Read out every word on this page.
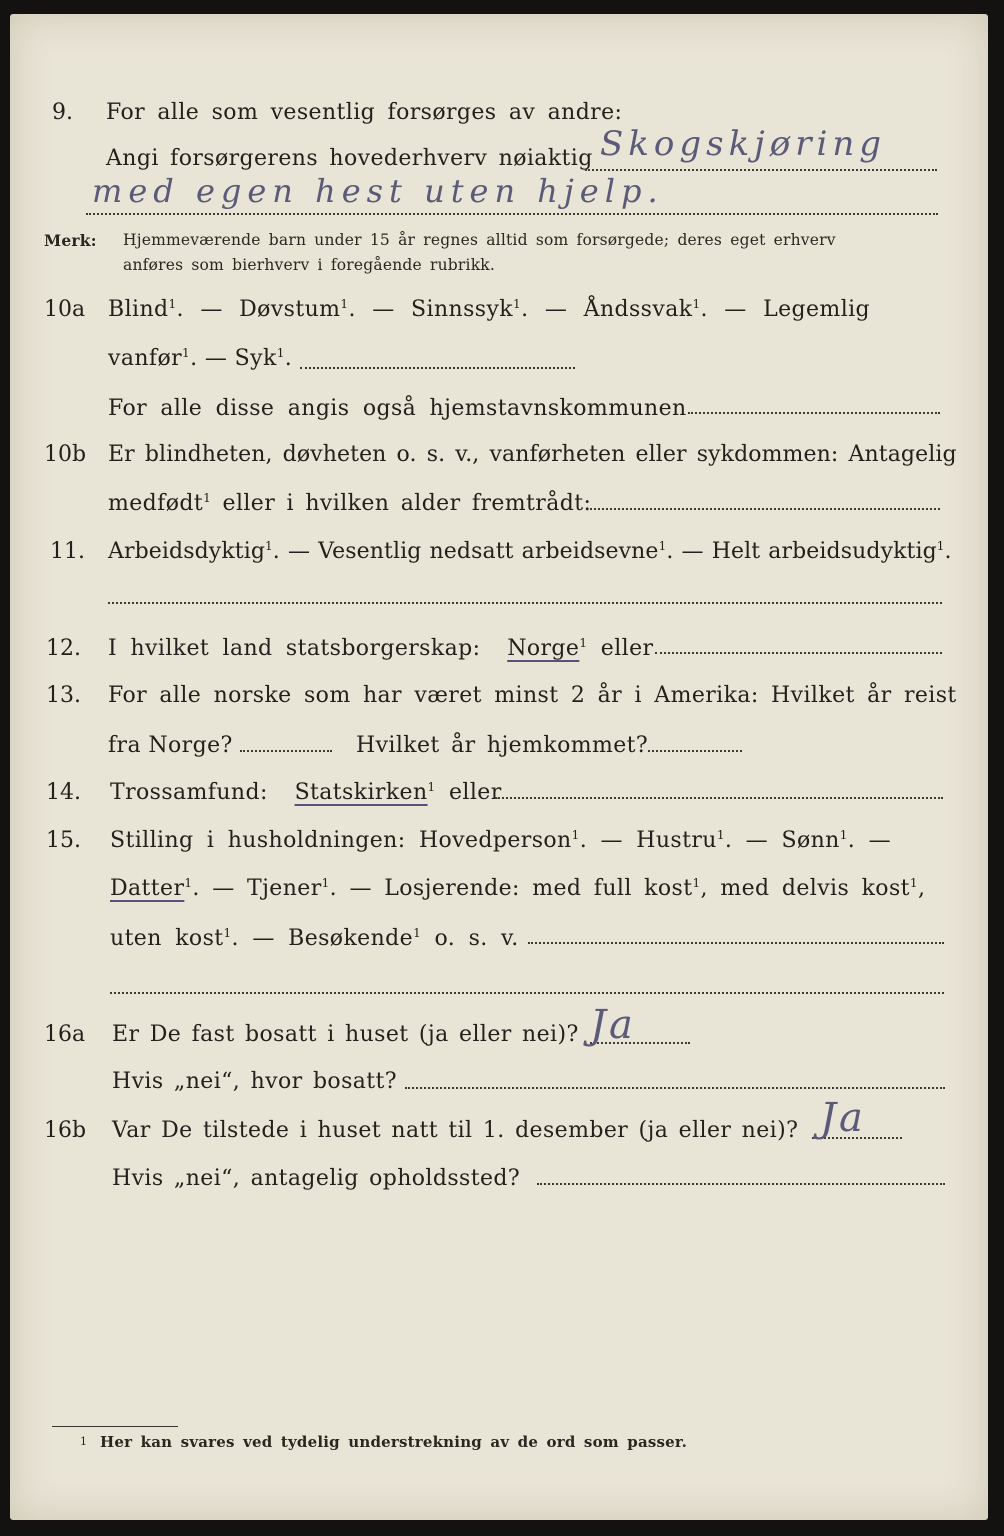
9. For alle som vesentlig forsørges av andre:
Angi forsørgerens hovederhverv nøiaktig Skogskjøring
med egen hest uten hjelp.
Merk: Hjemmeværende barn under 15 år regnes alltid som forsørgede; deres eget erhverv
anføres som bierhverv i foregående rubrikk.
10a Blind$^1$. — Døvstum$^1$. — Sinnssyk$^1$. — Åndssvak$^1$. — Legemlig
vanfør$^1$. — Syk$^1$.
For alle disse angis også hjemstavnskommunen
10b Er blindheten, døvheten o. s. v., vanførheten eller sykdommen: Antagelig
medfødt$^1$ eller i hvilken alder fremtrådt:
11. Arbeidsdyktig$^1$. — Vesentlig nedsatt arbeidsevne$^1$. — Helt arbeidsudyktig$^1$.
12. I hvilket land statsborgerskap: Norge$^1$ eller
13. For alle norske som har været minst 2 år i Amerika: Hvilket år reist
fra Norge?	Hvilket år hjemkommet?
14. Trossamfund: Statskirken$^1$ eller
15. Stilling i husholdningen: Hovedperson$^1$. — Hustru$^1$. — Sønn$^1$. —
Datter$^1$. — Tjener$^1$. — Losjerende: med full kost$^1$, med delvis kost$^1$,
uten kost$^1$. — Besøkende$^1$ o. s. v.
16a Er De fast bosatt i huset (ja eller nei)? Ja
Hvis „nei“, hvor bosatt?
16b Var De tilstede i huset natt til 1. desember (ja eller nei)? Ja
Hvis „nei“, antagelig opholdssted?
1 Her kan svares ved tydelig understrekning av de ord som passer.
